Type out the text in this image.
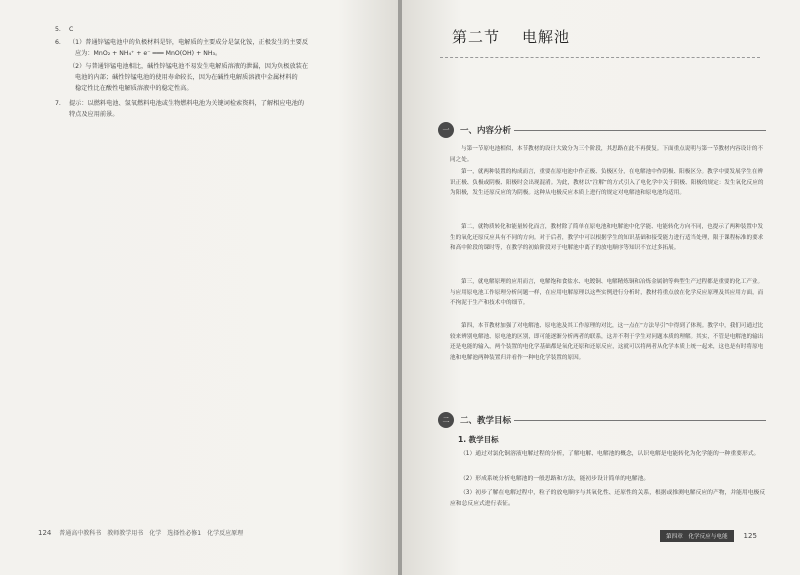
5. C
6. （1）普通锌锰电池中的负极材料是锌，电解质的主要成分是氯化铵，正极发生的主要反
应为：MnO₂ + NH₄⁺ + e⁻ ═══ MnO(OH) + NH₃。
（2）与普通锌锰电池相比，碱性锌锰电池不易发生电解质溶液的泄漏，因为负极放装在
电池的内部；碱性锌锰电池的使用寿命较长，因为在碱性电解质溶液中金属材料的
稳定性比在酸性电解质溶液中的稳定性高。
7. 提示：以燃料电池、氢氧燃料电池或生物燃料电池为关键词检索资料，了解相应电池的
特点及应用前景。
124 普通高中教科书　教师教学用书　化学　选择性必修1　化学反应原理
第二节 电解池
一	一、内容分析
与第一节原电池相似，本节教材的设计大致分为三个阶段，其思路在此不再赘复。下面重点说明与第一节教材内容设计的不同之处。
第一，就两种装置的构成而言，重要在原电池中作正极、负极区分，在电解池中作阴极、阳极区分。教学中要发展学生在辨识正极、负极或阴极、阳极时会出现混淆。为此，教材以“注解”的方式引入了电化学中关于阴极、阳极的规定：发生氧化反应的为阳极，发生还原反应的为阴极。这种从电极反应本质上进行的规定对电解池和原电池均适用。
第二，就物质转化和能量转化而言，教材除了简单在原电池和电解池中化学能、电能转化方向不同，也提示了两种装置中发生的氧化还原反应具有不同的方向。对于后者，教学中可以根据学生的知识基础和接受能力进行适当处理，限于课程标准的要求和高中阶段的课时等，在教学的初始阶段对于电解池中离子的放电顺序等知识不宜过多拓展。
第三，就电解原理的应用而言，电解饱和食盐水、电镀铜、电解精炼铜和冶炼金属钠等典型生产过程都是重要的化工产业。与应用原电池工作原理分析问题一样，在应用电解原理以这些实例进行分析时，教材将重点放在化学反应原理及其应用方面，而不拘泥于生产和技术中的细节。
第四，本节教材加强了对电解池、原电池及其工作原理的对比，这一点在“方法导引”中得到了体现。教学中，我们可通过比较来辨别电解池、原电池的区别，即可能逐渐分析两者的联系，这并不利于学生对问题本质的理解。其实，不管是电解池的输出还是电能的输入，两个装置的电化学基础都是氧化还原和还原反应，这就可以将两者从化学本质上统一起来，这也是有时将原电池和电解池两种装置归并看作一种电化学装置的原因。
二	二、教学目标
1. 教学目标
（1）通过对氯化铜溶液电解过程的分析，了解电解、电解池的概念，认识电解是电能转化为化学能的一种重要形式。
（2）形成系统分析电解池的一般思路和方法，能初步设计简单的电解池。
（3）初步了解在电解过程中，粒子的放电顺序与其氧化性、还原性的关系，根据或推测电解反应的产物，并能用电极反应和总反应式进行表征。
第四章　化学反应与电能	125
